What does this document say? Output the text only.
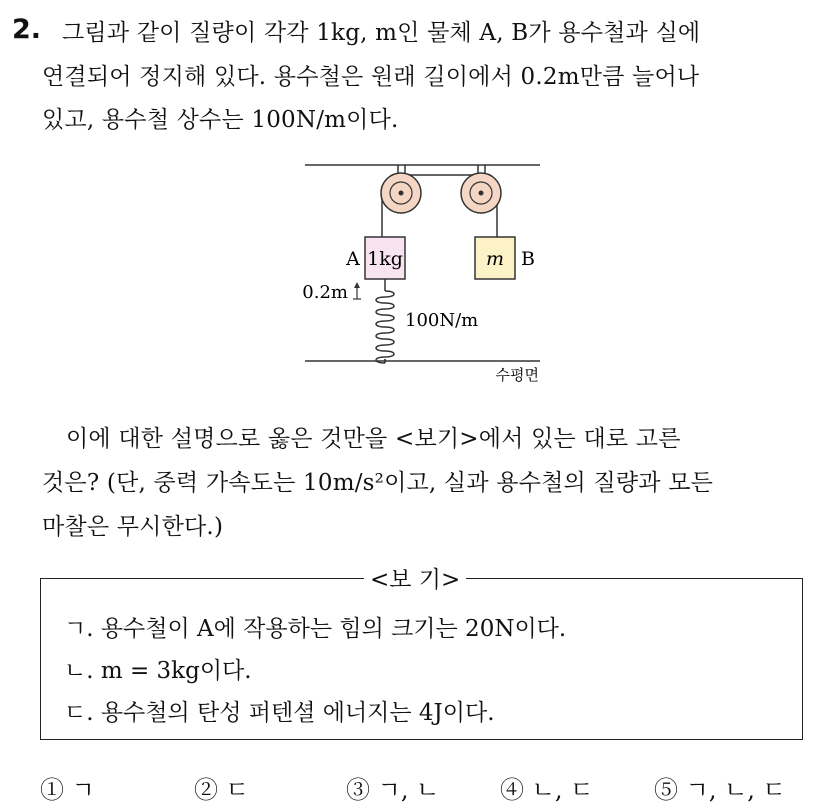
2. 그림과 같이 질량이 각각 1kg, m인 물체 A, B가 용수철과 실에
연결되어 정지해 있다. 용수철은 원래 길이에서 0.2m만큼 늘어나
있고, 용수철 상수는 100N/m이다.
1kg
A	m B
0.2m
100N/m
수평면
이에 대한 설명으로 옳은 것만을 <보기>에서 있는 대로 고른
것은? (단, 중력 가속도는 10m/s²이고, 실과 용수철의 질량과 모든
마찰은 무시한다.)
<보 기>
ㄱ. 용수철이 A에 작용하는 힘의 크기는 20N이다.
ㄴ. m = 3kg이다.
ㄷ. 용수철의 탄성 퍼텐셜 에너지는 4J이다.
① ㄱ	② ㄷ	③ ㄱ, ㄴ	④ ㄴ, ㄷ	⑤ ㄱ, ㄴ, ㄷ
